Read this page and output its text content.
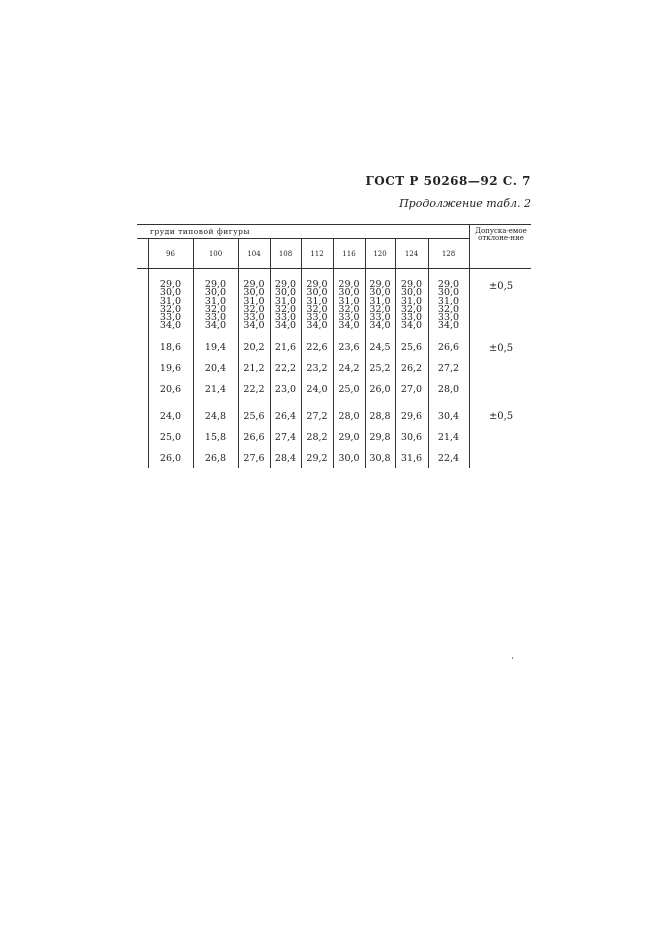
ГОСТ Р 50268—92 С. 7
Продолжение табл. 2
груди типовой фигуры	Допуска-емое отклоне-ние
96
29,0
30,0
31,0
32,0
33,0
34,0
18,6
19,6
20,6
24,0
25,0
26,0
100
29,0
30,0
31,0
32,0
33,0
34,0
19,4
20,4
21,4
24,8
15,8
26,8
104
29,0
30,0
31,0
32,0
33,0
34,0
20,2
21,2
22,2
25,6
26,6
27,6
108
29,0
30,0
31,0
32,0
33,0
34,0
21,6
22,2
23,0
26,4
27,4
28,4
112
29,0
30,0
31,0
32,0
33,0
34,0
22,6
23,2
24,0
27,2
28,2
29,2
116
29,0
30,0
31,0
32,0
33,0
34,0
23,6
24,2
25,0
28,0
29,0
30,0
120
29,0
30,0
31,0
32,0
33,0
34,0
24,5
25,2
26,0
28,8
29,8
30,8
124
29,0
30,0
31,0
32,0
33,0
34,0
25,6
26,2
27,0
29,6
30,6
31,6
128
29,0
30,0
31,0
32,0
33,0
34,0
26,6
27,2
28,0
30,4
21,4
22,4
±0,5
±0,5
±0,5
